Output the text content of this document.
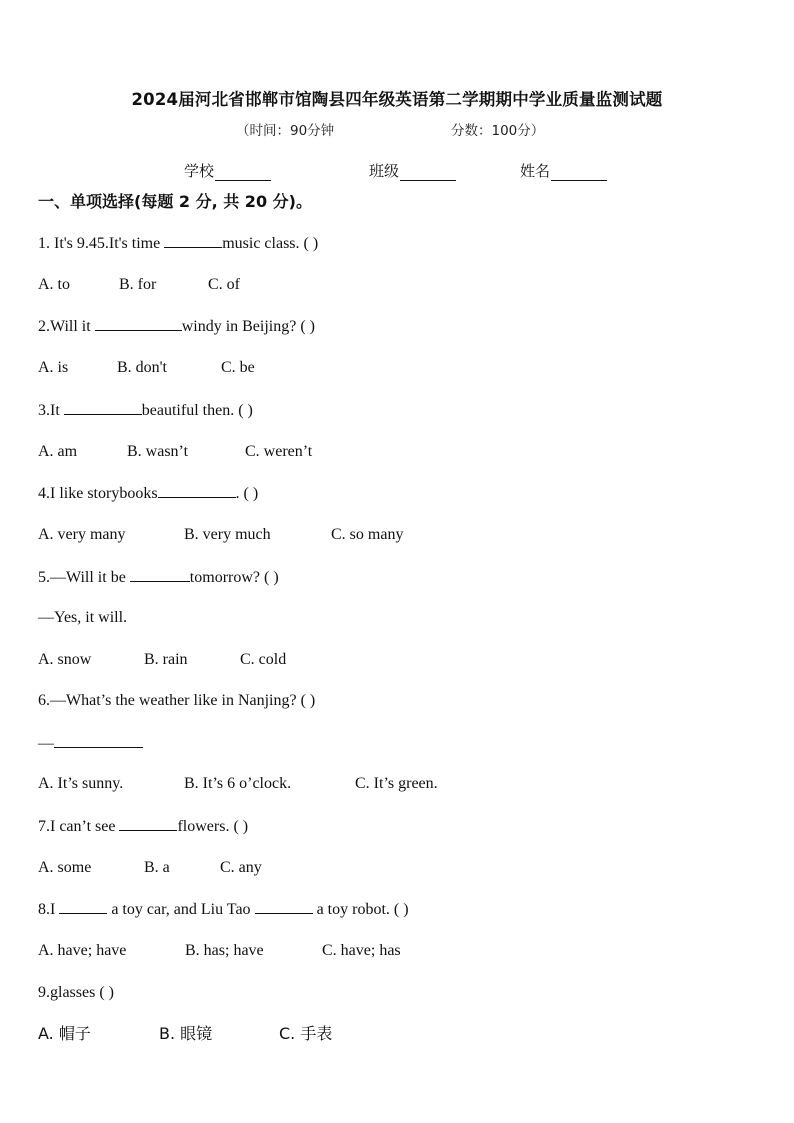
2024届河北省邯郸市馆陶县四年级英语第二学期期中学业质量监测试题
（时间：90分钟	分数：100分）
学校	班级	姓名
一、单项选择(每题 2 分, 共 20 分)。
1. It's 9.45.It's time	music class. ( )
A. to	B. for	C. of
2.Will it	windy in Beijing? ( )
A. is	B. don't	C. be
3.It	beautiful then. ( )
A. am	B. wasn’t	C. weren’t
4.I like storybooks	. ( )
A. very many	B. very much	C. so many
5.—Will it be	tomorrow? ( )
—Yes, it will.
A. snow	B. rain	C. cold
6.—What’s the weather like in Nanjing? ( )
—
A. It’s sunny.	B. It’s 6 o’clock.	C. It’s green.
7.I can’t see	flowers. ( )
A. some	B. a	C. any
8.I	a toy car, and Liu Tao	a toy robot. ( )
A. have; have	B. has; have	C. have; has
9.glasses ( )
A. 帽子	B. 眼镜	C. 手表
